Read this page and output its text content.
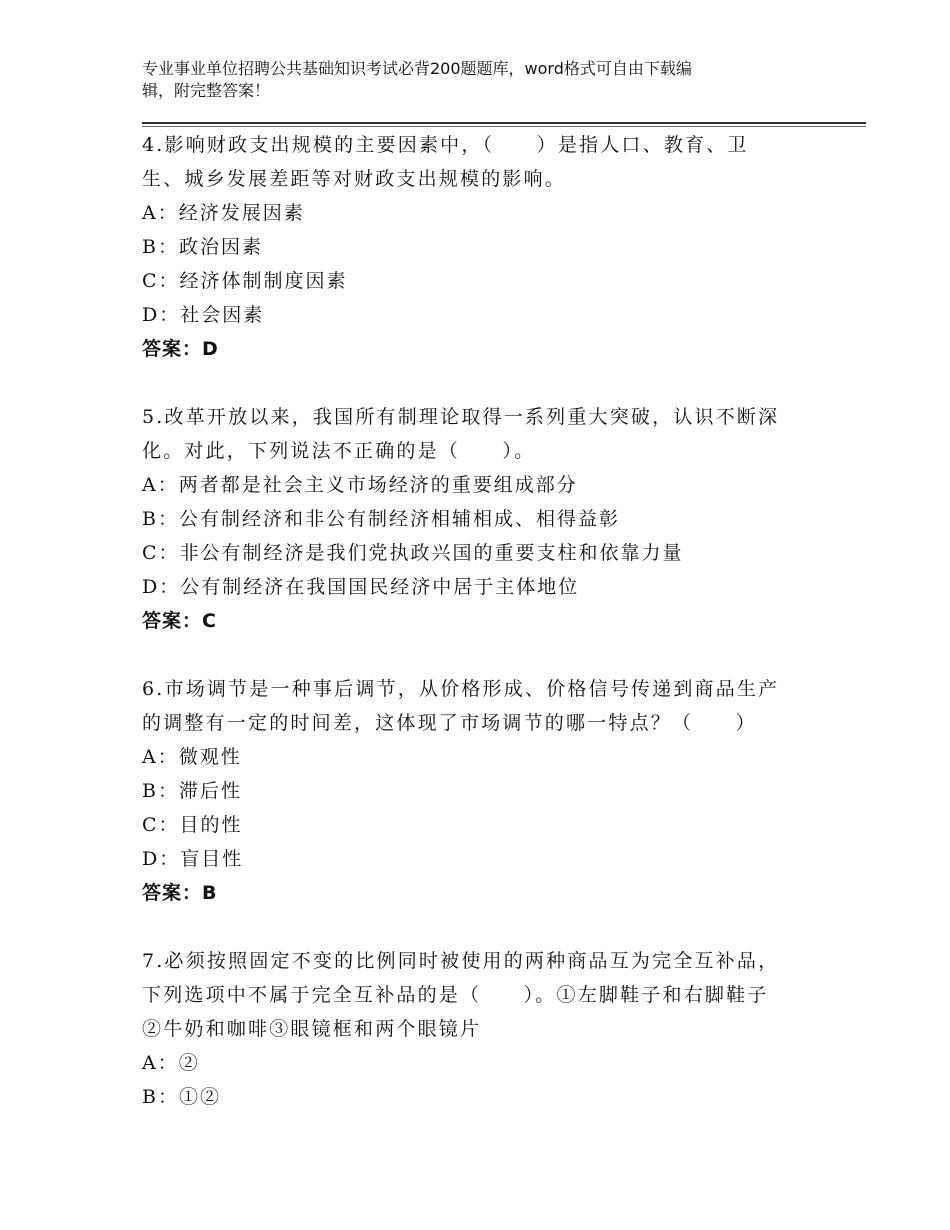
专业事业单位招聘公共基础知识考试必背200题题库，word格式可自由下载编
辑，附完整答案！
4.影响财政支出规模的主要因素中，（　　）是指人口、教育、卫
生、城乡发展差距等对财政支出规模的影响。
A：经济发展因素
B：政治因素
C：经济体制制度因素
D：社会因素
答案：D
5.改革开放以来，我国所有制理论取得一系列重大突破，认识不断深
化。对此，下列说法不正确的是（　　）。
A：两者都是社会主义市场经济的重要组成部分
B：公有制经济和非公有制经济相辅相成、相得益彰
C：非公有制经济是我们党执政兴国的重要支柱和依靠力量
D：公有制经济在我国国民经济中居于主体地位
答案：C
6.市场调节是一种事后调节，从价格形成、价格信号传递到商品生产
的调整有一定的时间差，这体现了市场调节的哪一特点？（　　）
A：微观性
B：滞后性
C：目的性
D：盲目性
答案：B
7.必须按照固定不变的比例同时被使用的两种商品互为完全互补品，
下列选项中不属于完全互补品的是（　　）。①左脚鞋子和右脚鞋子
②牛奶和咖啡③眼镜框和两个眼镜片
A：②
B：①②
